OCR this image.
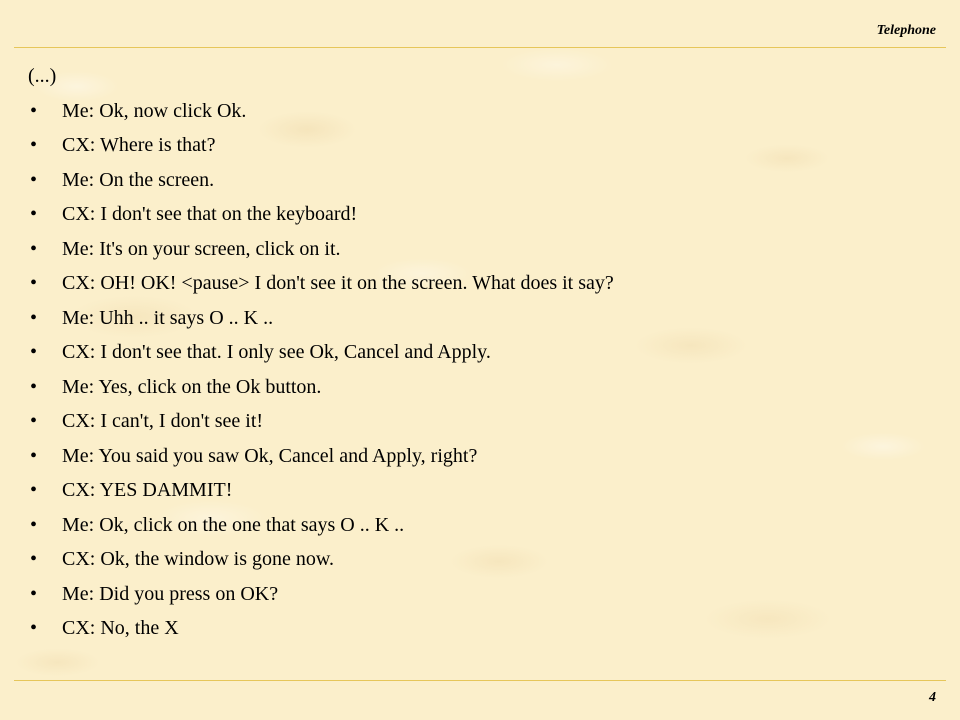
Telephone

(...)

• Me: Ok, now click Ok.
• CX: Where is that?
• Me: On the screen.
• CX: I don't see that on the keyboard!
• Me: It's on your screen, click on it.
• CX: OH! OK! <pause> I don't see it on the screen. What does it say?
• Me: Uhh .. it says O .. K ..
• CX: I don't see that. I only see Ok, Cancel and Apply.
• Me: Yes, click on the Ok button.
• CX: I can't, I don't see it!
• Me: You said you saw Ok, Cancel and Apply, right?
• CX: YES DAMMIT!
• Me: Ok, click on the one that says O .. K ..
• CX: Ok, the window is gone now.
• Me: Did you press on OK?
• CX: No, the X
4
